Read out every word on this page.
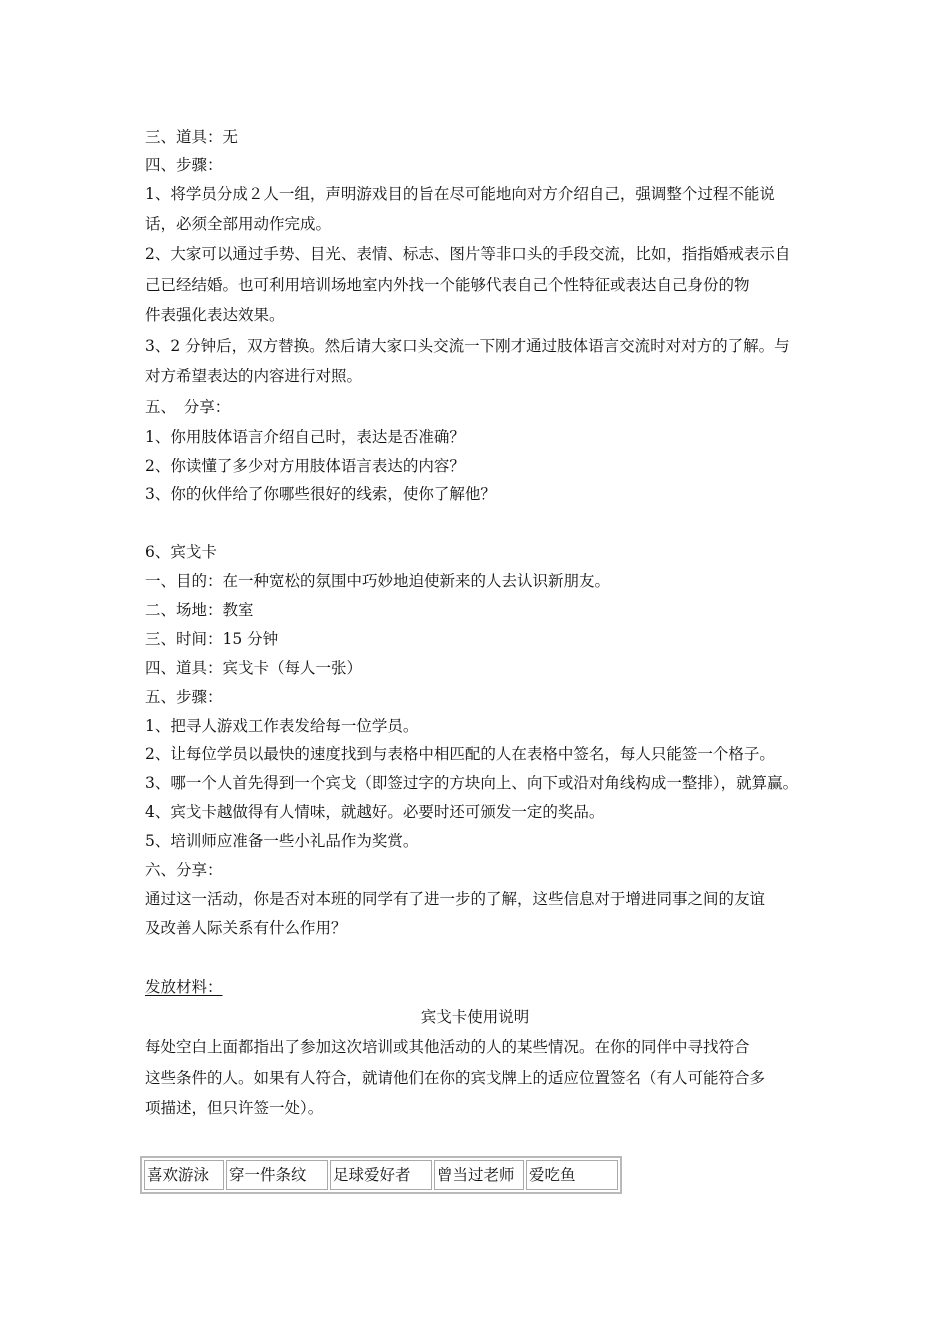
三、道具：无
四、步骤：
1、将学员分成２人一组，声明游戏目的旨在尽可能地向对方介绍自己，强调整个过程不能说
话，必须全部用动作完成。
2、大家可以通过手势、目光、表情、标志、图片等非口头的手段交流，比如，指指婚戒表示自
己已经结婚。也可利用培训场地室内外找一个能够代表自己个性特征或表达自己身份的物
件表强化表达效果。
3、2 分钟后，双方替换。然后请大家口头交流一下刚才通过肢体语言交流时对对方的了解。与
对方希望表达的内容进行对照。
五、　分享：
1、你用肢体语言介绍自己时，表达是否准确？
2、你读懂了多少对方用肢体语言表达的内容？
3、你的伙伴给了你哪些很好的线索，使你了解他？
6、宾戈卡
一、目的：在一种宽松的氛围中巧妙地迫使新来的人去认识新朋友。
二、场地：教室
三、时间：15 分钟
四、道具：宾戈卡（每人一张）
五、步骤：
1、把寻人游戏工作表发给每一位学员。
2、让每位学员以最快的速度找到与表格中相匹配的人在表格中签名，每人只能签一个格子。
3、哪一个人首先得到一个宾戈（即签过字的方块向上、向下或沿对角线构成一整排），就算赢。
4、宾戈卡越做得有人情味，就越好。必要时还可颁发一定的奖品。
5、培训师应准备一些小礼品作为奖赏。
六、分享：
通过这一活动，你是否对本班的同学有了进一步的了解，这些信息对于增进同事之间的友谊
及改善人际关系有什么作用？
发放材料：
宾戈卡使用说明
每处空白上面都指出了参加这次培训或其他活动的人的某些情况。在你的同伴中寻找符合
这些条件的人。如果有人符合，就请他们在你的宾戈牌上的适应位置签名（有人可能符合多
项描述，但只许签一处）。
喜欢游泳	穿一件条纹	足球爱好者	曾当过老师	爱吃鱼
